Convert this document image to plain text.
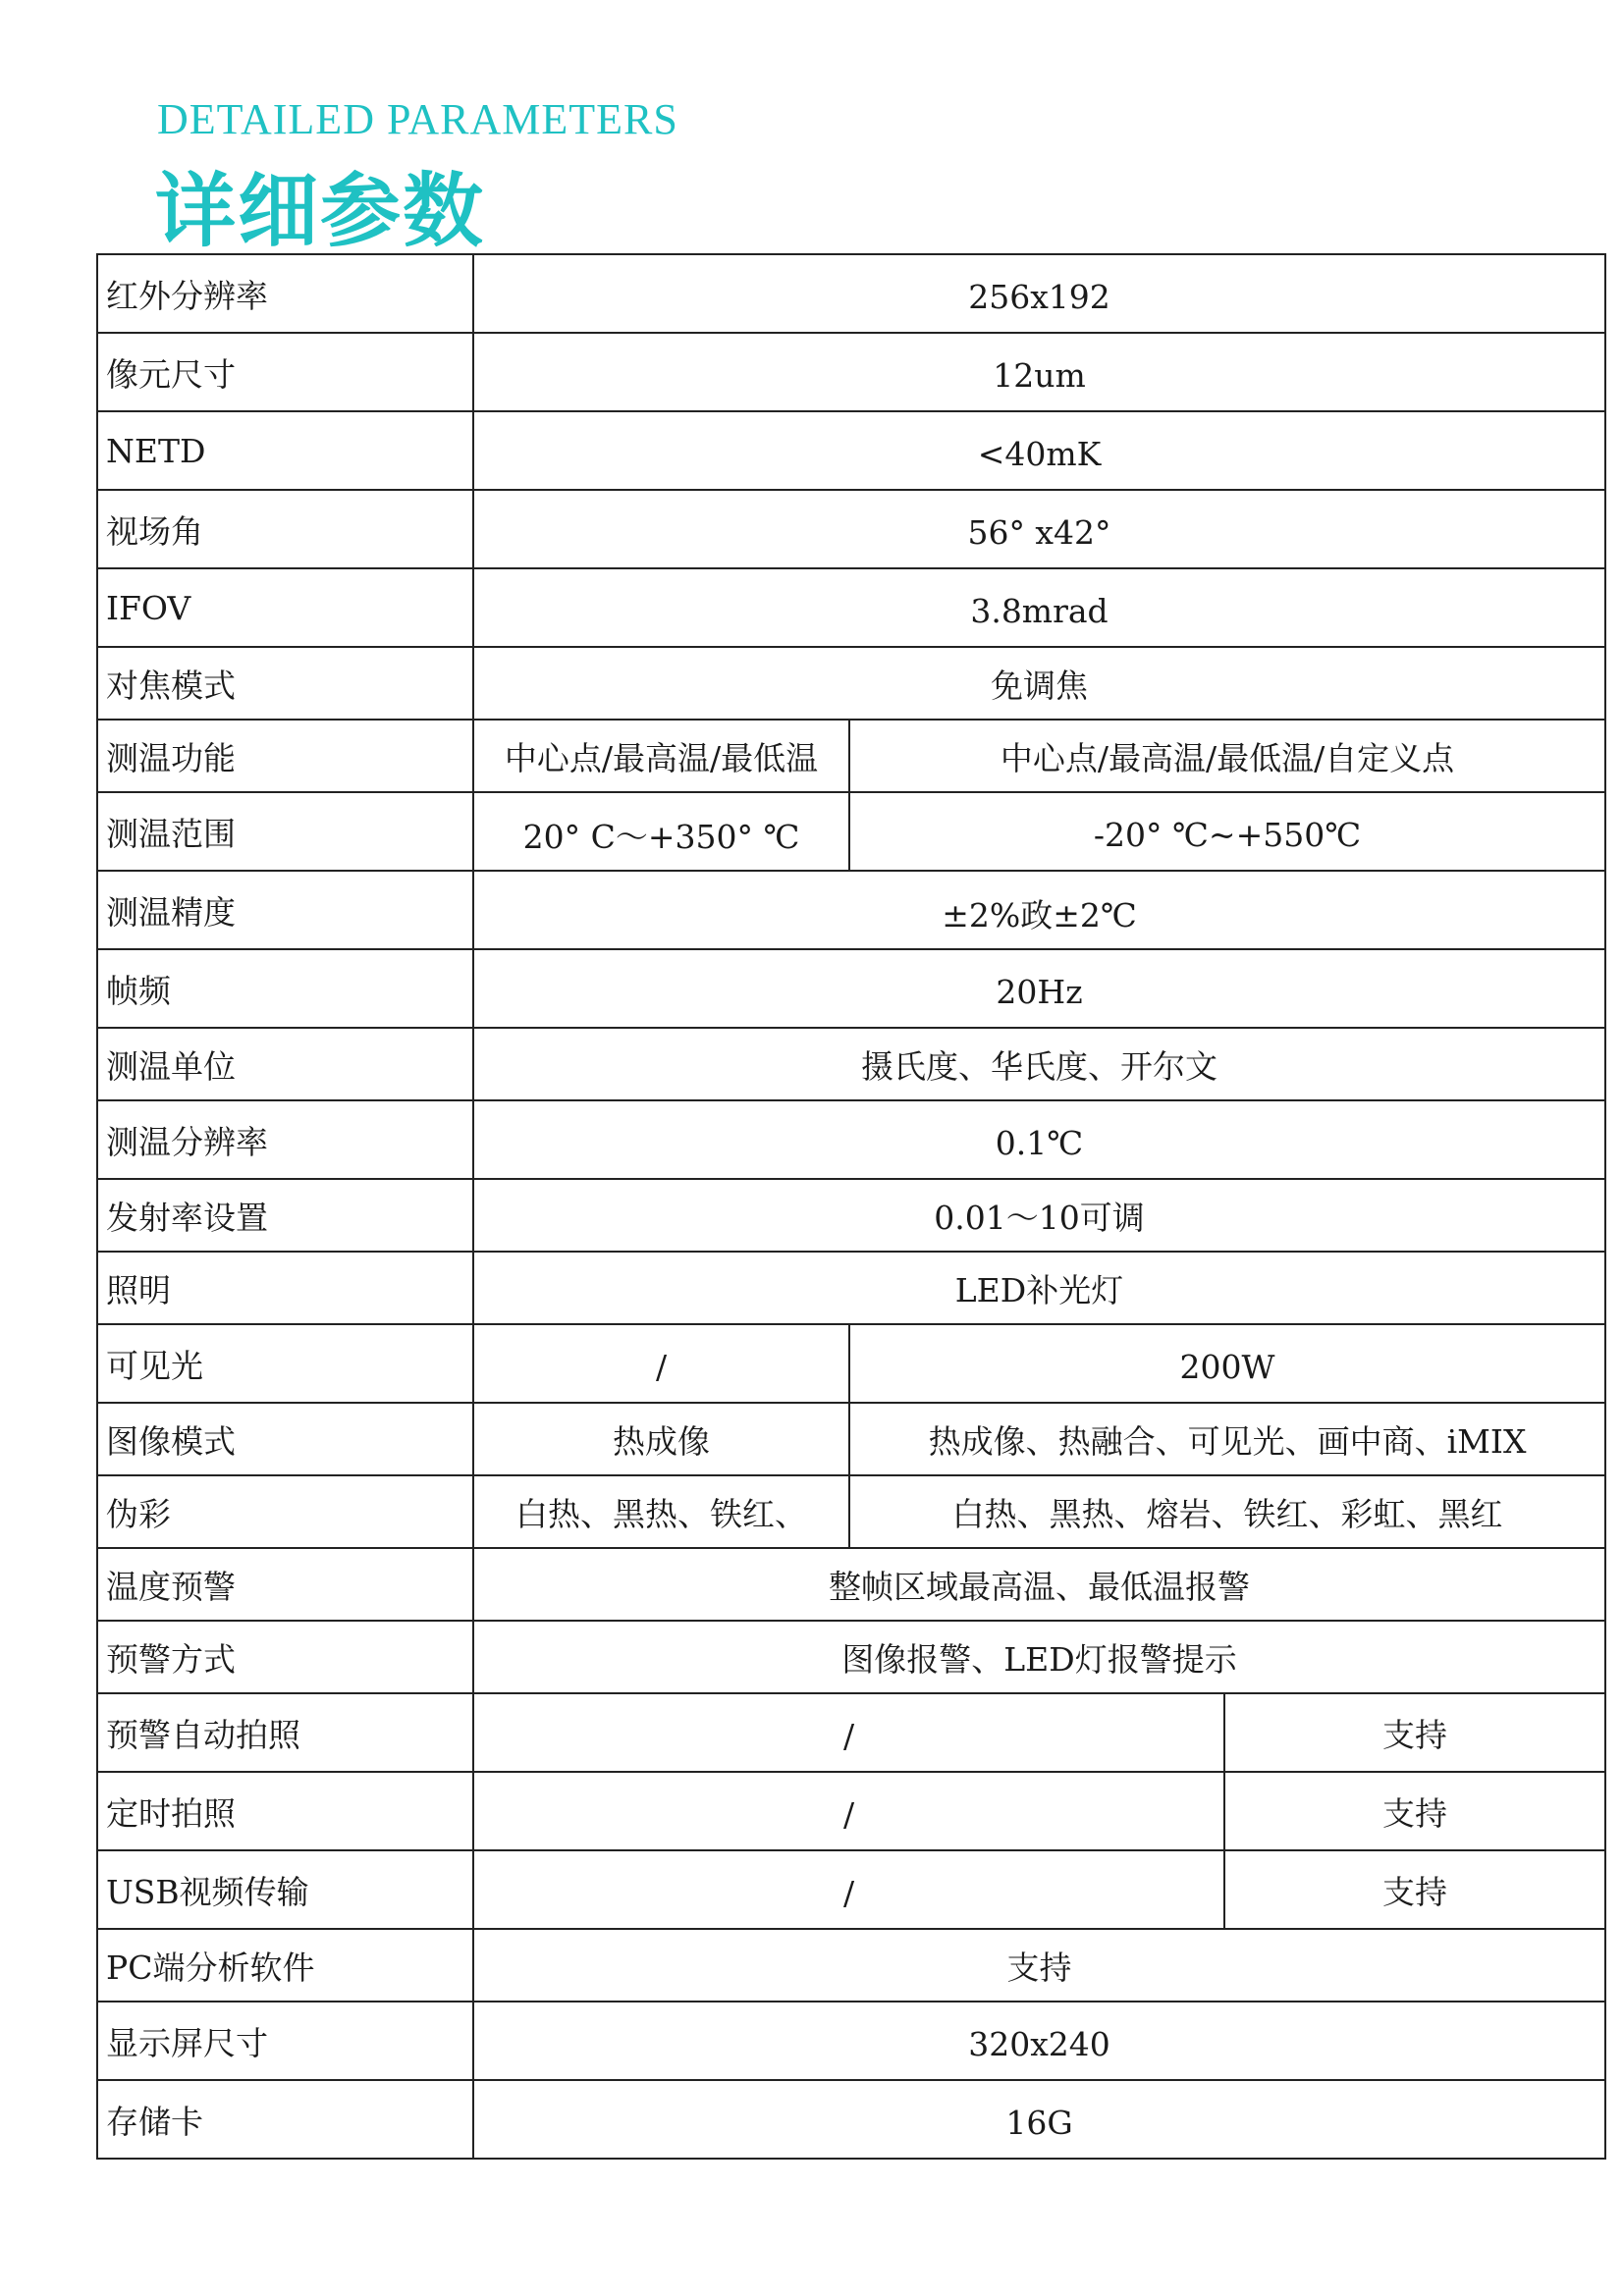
DETAILED PARAMETERS
详细参数
红外分辨率	256x192		
像元尺寸	12um		
NETD	<40mK		
视场角	56° x42°		
IFOV	3.8mrad		
对焦模式	免调焦		
测温功能	中心点/最高温/最低温	中心点/最高温/最低温/自定义点	
测温范围	20° C～+350° ℃	-20° ℃~+550℃	
测温精度	±2%政±2℃		
帧频	20Hz		
测温单位	摄氏度、华氏度、开尔文		
测温分辨率	0.1℃		
发射率设置	0.01～10可调		
照明	LED补光灯		
可见光	/	200W	
图像模式	热成像	热成像、热融合、可见光、画中商、iMIX	
伪彩	白热、黑热、铁红、	白热、黑热、熔岩、铁红、彩虹、黑红	
温度预警	整帧区域最高温、最低温报警		
预警方式	图像报警、LED灯报警提示		
预警自动拍照	/		支持
定时拍照	/		支持
USB视频传输	/		支持
PC端分析软件	支持		
显示屏尺寸	320x240		
存储卡	16G		
